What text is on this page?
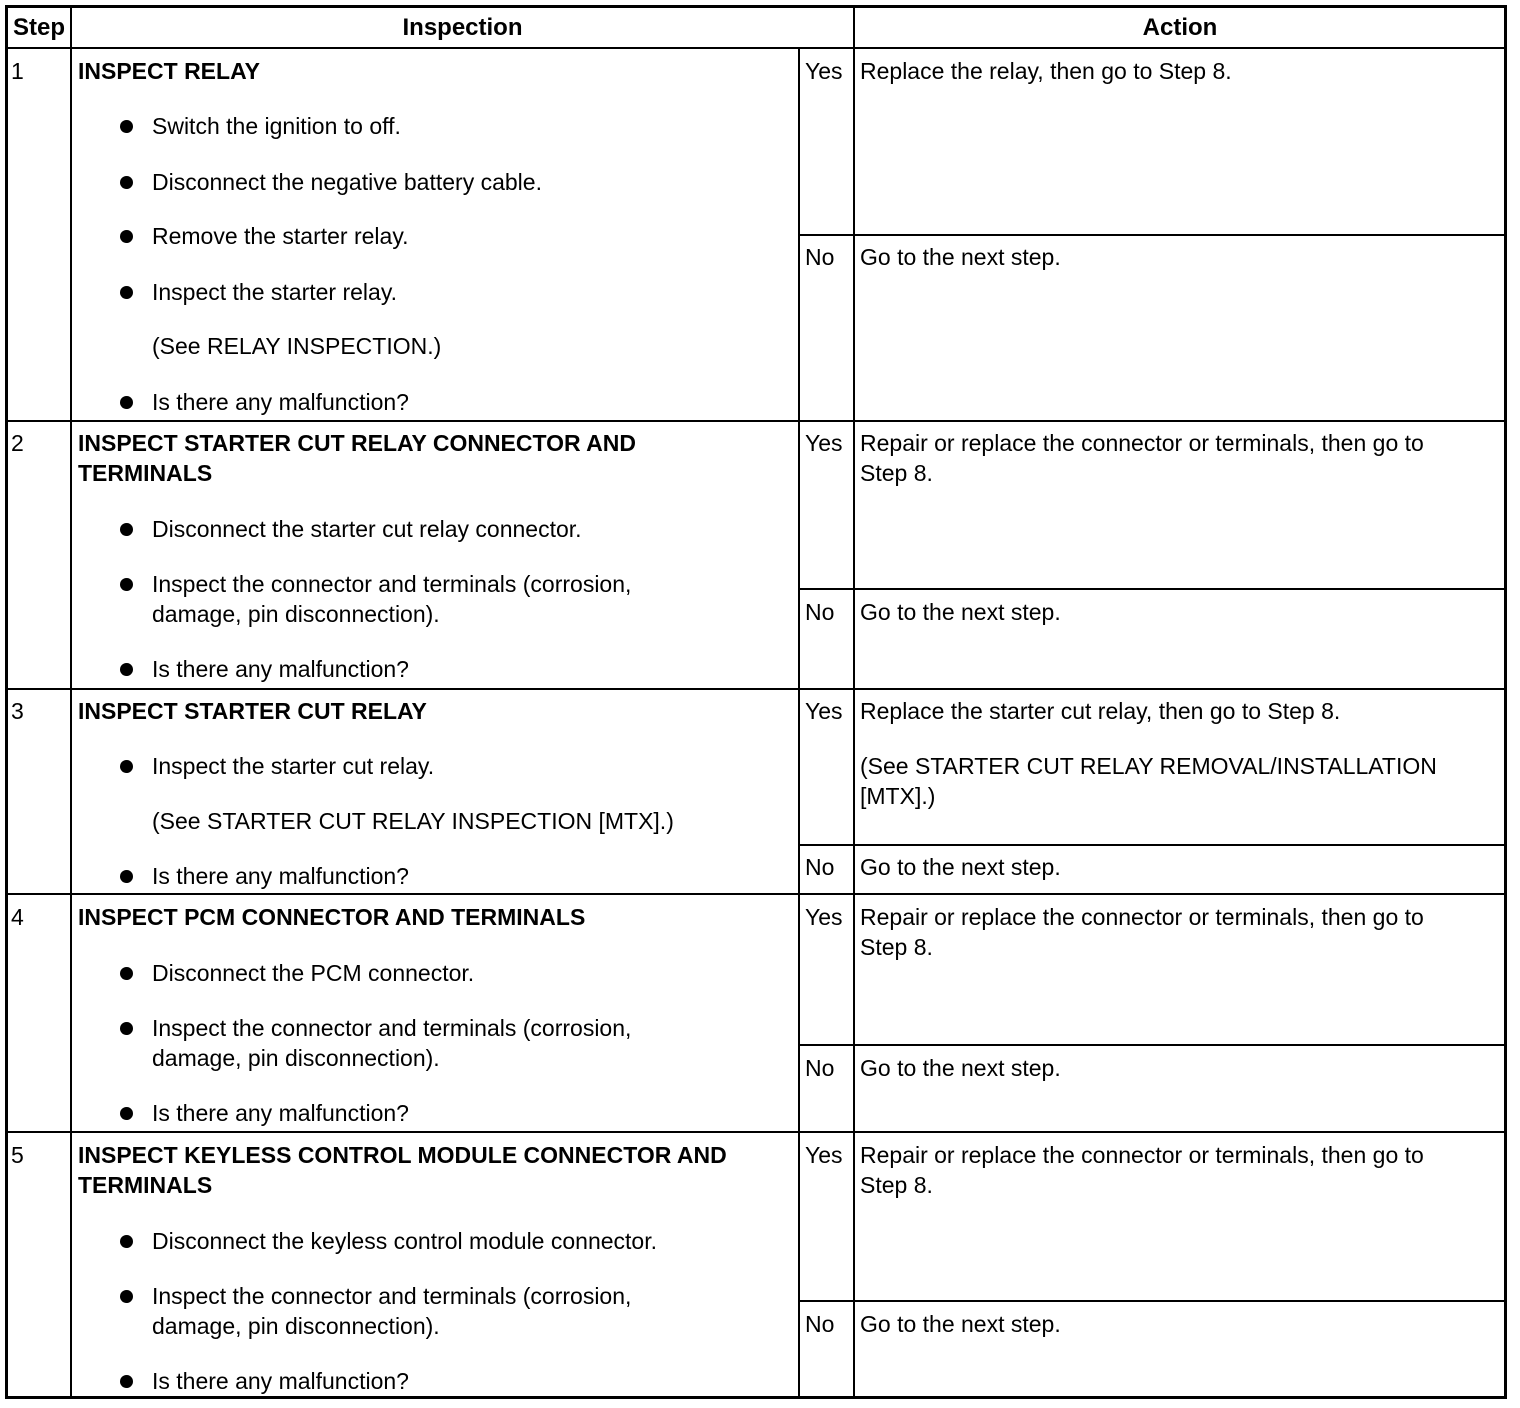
Step	Inspection	Action
1 INSPECT RELAY
Switch the ignition to off.
Disconnect the negative battery cable.
Remove the starter relay.
Inspect the starter relay.
(See RELAY INSPECTION.)
Is there any malfunction?
Yes Replace the relay, then go to Step 8.
No Go to the next step.
2 INSPECT STARTER CUT RELAY CONNECTOR AND
TERMINALS
Disconnect the starter cut relay connector.
Inspect the connector and terminals (corrosion,
damage, pin disconnection).
Is there any malfunction?
Yes Repair or replace the connector or terminals, then go to
Step 8.
No Go to the next step.
3 INSPECT STARTER CUT RELAY
Inspect the starter cut relay.
(See STARTER CUT RELAY INSPECTION [MTX].)
Is there any malfunction?
Yes Replace the starter cut relay, then go to Step 8.
(See STARTER CUT RELAY REMOVAL/INSTALLATION
[MTX].)
No Go to the next step.
4 INSPECT PCM CONNECTOR AND TERMINALS
Disconnect the PCM connector.
Inspect the connector and terminals (corrosion,
damage, pin disconnection).
Is there any malfunction?
Yes Repair or replace the connector or terminals, then go to
Step 8.
No Go to the next step.
5 INSPECT KEYLESS CONTROL MODULE CONNECTOR AND
TERMINALS
Disconnect the keyless control module connector.
Inspect the connector and terminals (corrosion,
damage, pin disconnection).
Is there any malfunction?
Yes Repair or replace the connector or terminals, then go to
Step 8.
No Go to the next step.
